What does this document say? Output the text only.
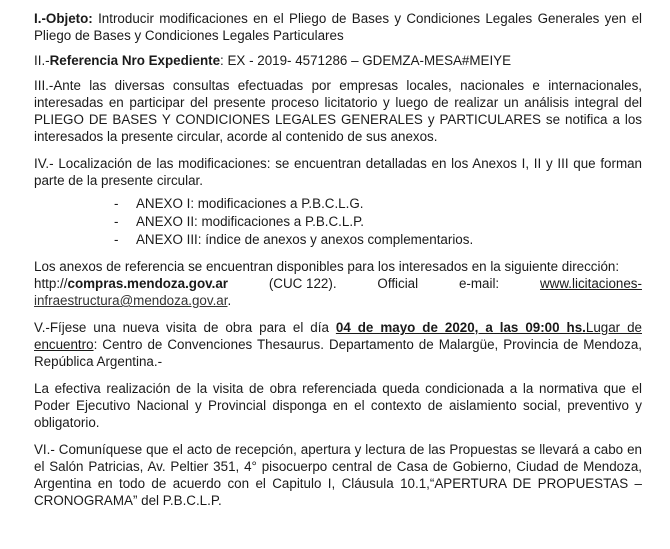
I.-Objeto: Introducir modificaciones en el Pliego de Bases y Condiciones Legales Generales yen el Pliego de Bases y Condiciones Legales Particulares

II.-Referencia Nro Expediente: EX - 2019- 4571286 – GDEMZA-MESA#MEIYE

III.-Ante las diversas consultas efectuadas por empresas locales, nacionales e internacionales, interesadas en participar del presente proceso licitatorio y luego de realizar un análisis integral del PLIEGO DE BASES Y CONDICIONES LEGALES GENERALES y PARTICULARES se notifica a los interesados la presente circular, acorde al contenido de sus anexos.

IV.- Localización de las modificaciones: se encuentran detalladas en los Anexos I, II y III que forman parte de la presente circular.

- ANEXO I: modificaciones a P.B.C.L.G.
- ANEXO II: modificaciones a P.B.C.L.P.
- ANEXO III: índice de anexos y anexos complementarios.
Los anexos de referencia se encuentran disponibles para los interesados en la siguiente dirección:
http://compras.mendoza.gov.ar	(CUC 122).	Official	e-mail:	www.licitaciones-
infraestructura@mendoza.gov.ar.

V.-Fíjese una nueva visita de obra para el día 04 de mayo de 2020, a las 09:00 hs.Lugar de encuentro: Centro de Convenciones Thesaurus. Departamento de Malargüe, Provincia de Mendoza, República Argentina.-

La efectiva realización de la visita de obra referenciada queda condicionada a la normativa que el Poder Ejecutivo Nacional y Provincial disponga en el contexto de aislamiento social, preventivo y obligatorio.

VI.- Comuníquese que el acto de recepción, apertura y lectura de las Propuestas se llevará a cabo en el Salón Patricias, Av. Peltier 351, 4° pisocuerpo central de Casa de Gobierno, Ciudad de Mendoza, Argentina en todo de acuerdo con el Capitulo I, Cláusula 10.1,“APERTURA DE PROPUESTAS – CRONOGRAMA” del P.B.C.L.P.
